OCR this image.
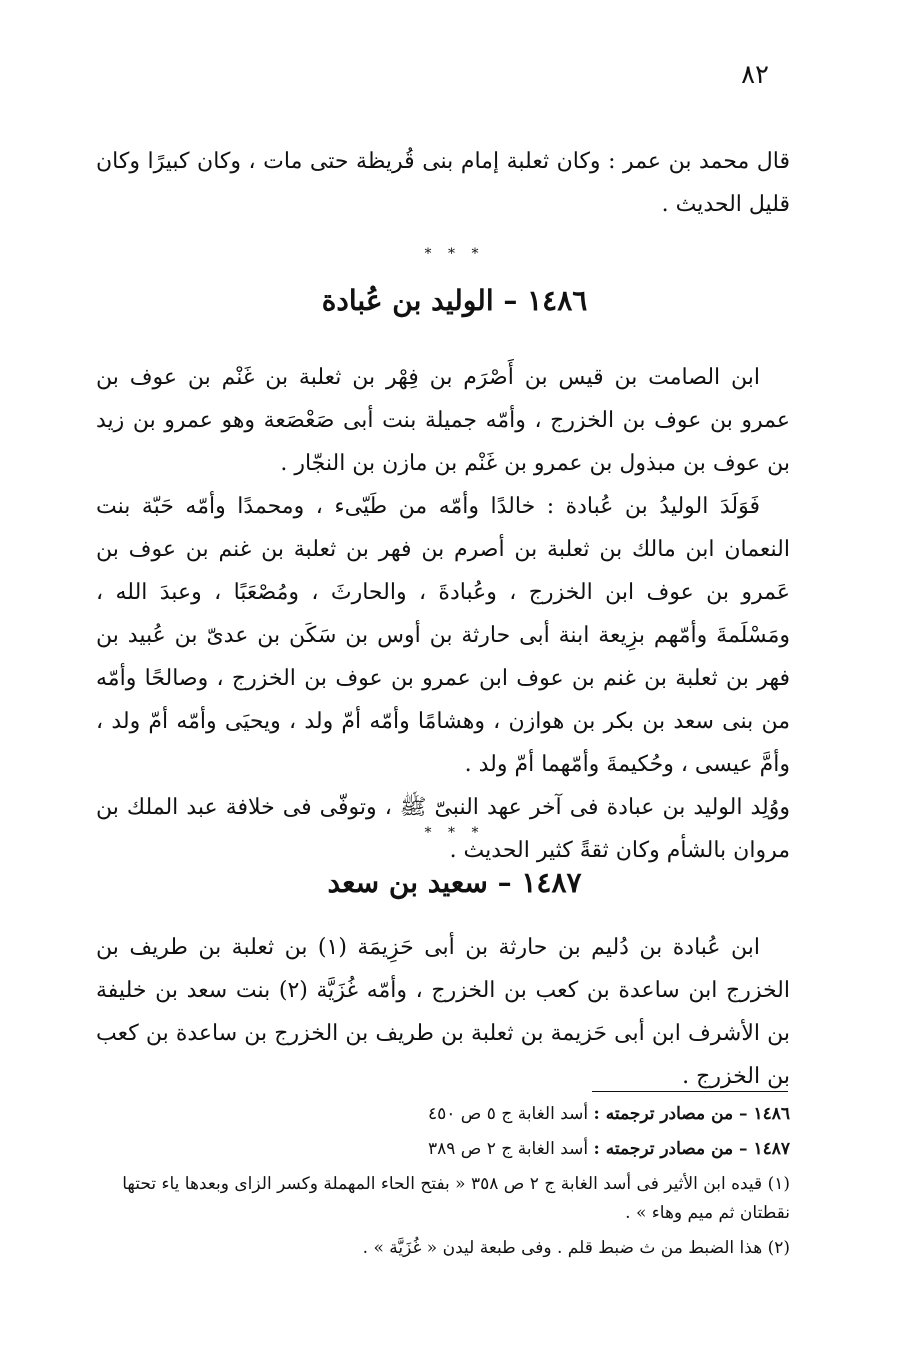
٨٢

قال محمد بن عمر : وكان ثعلبة إمام بنى قُريظة حتى مات ، وكان كبيرًا وكان قليل الحديث .

* * *
١٤٨٦ – الوليد بن عُبادة

ابن الصامت بن قيس بن أَصْرَم بن فِهْر بن ثعلبة بن غَنْم بن عوف بن عمرو بن عوف بن الخزرج ، وأمّه جميلة بنت أبى صَعْصَعة وهو عمرو بن زيد بن عوف بن مبذول بن عمرو بن غَنْم بن مازن بن النجّار .

فَوَلَدَ الوليدُ بن عُبادة : خالدًا وأمّه من طَيّىء ، ومحمدًا وأمّه حَبّة بنت النعمان ابن مالك بن ثعلبة بن أصرم بن فهر بن ثعلبة بن غنم بن عوف بن عَمرو بن عوف ابن الخزرج ، وعُبادةَ ، والحارثَ ، ومُصْعَبًا ، وعبدَ الله ، ومَسْلَمةَ وأمّهم بزِيعة ابنة أبى حارثة بن أوس بن سَكَن بن عدىّ بن عُبيد بن فهر بن ثعلبة بن غنم بن عوف ابن عمرو بن عوف بن الخزرج ، وصالحًا وأمّه من بنى سعد بن بكر بن هوازن ، وهشامًا وأمّه أمّ ولد ، ويحيَى وأمّه أمّ ولد ، وأمَّ عيسى ، وحُكيمةَ وأمّهما أمّ ولد .

ووُلِد الوليد بن عبادة فى آخر عهد النبىّ ﷺ ، وتوفّى فى خلافة عبد الملك بن مروان بالشأم وكان ثقةً كثير الحديث .

* * *
١٤٨٧ – سعيد بن سعد

ابن عُبادة بن دُليم بن حارثة بن أبى حَزِيمَة (١) بن ثعلبة بن طريف بن الخزرج ابن ساعدة بن كعب بن الخزرج ، وأمّه غُزَيَّة (٢) بنت سعد بن خليفة بن الأشرف ابن أبى حَزيمة بن ثعلبة بن طريف بن الخزرج بن ساعدة بن كعب بن الخزرج .

١٤٨٦ – من مصادر ترجمته : أسد الغابة ج ٥ ص ٤٥٠

١٤٨٧ – من مصادر ترجمته : أسد الغابة ج ٢ ص ٣٨٩

(١) قيده ابن الأثير فى أسد الغابة ج ٢ ص ٣٥٨ « بفتح الحاء المهملة وكسر الزاى وبعدها ياء تحتها نقطتان ثم ميم وهاء » .

(٢) هذا الضبط من ث ضبط قلم . وفى طبعة ليدن « غُزَيَّة » .
